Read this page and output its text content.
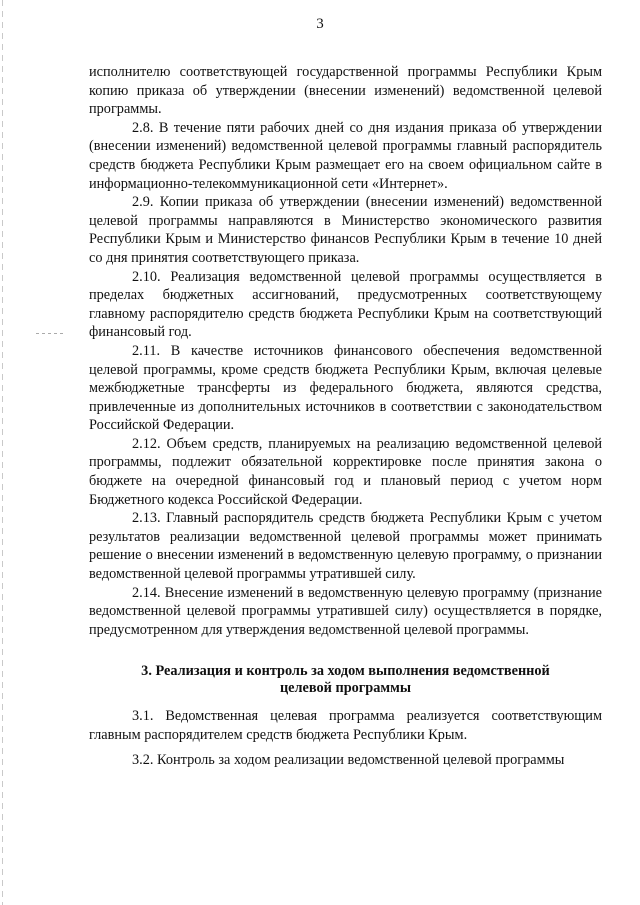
3

исполнителю соответствующей государственной программы Республики Крым копию приказа об утверждении (внесении изменений) ведомственной целевой программы.

2.8. В течение пяти рабочих дней со дня издания приказа об утверждении (внесении изменений) ведомственной целевой программы главный распорядитель средств бюджета Республики Крым размещает его на своем официальном сайте в информационно-телекоммуникационной сети «Интернет».

2.9. Копии приказа об утверждении (внесении изменений) ведомственной целевой программы направляются в Министерство экономического развития Республики Крым и Министерство финансов Республики Крым в течение 10 дней со дня принятия соответствующего приказа.

2.10. Реализация ведомственной целевой программы осуществляется в пределах бюджетных ассигнований, предусмотренных соответствующему главному распорядителю средств бюджета Республики Крым на соответствующий финансовый год.

2.11. В качестве источников финансового обеспечения ведомственной целевой программы, кроме средств бюджета Республики Крым, включая целевые межбюджетные трансферты из федерального бюджета, являются средства, привлеченные из дополнительных источников в соответствии с законодательством Российской Федерации.

2.12. Объем средств, планируемых на реализацию ведомственной целевой программы, подлежит обязательной корректировке после принятия закона о бюджете на очередной финансовый год и плановый период с учетом норм Бюджетного кодекса Российской Федерации.

2.13. Главный распорядитель средств бюджета Республики Крым с учетом результатов реализации ведомственной целевой программы может принимать решение о внесении изменений в ведомственную целевую программу, о признании ведомственной целевой программы утратившей силу.

2.14. Внесение изменений в ведомственную целевую программу (признание ведомственной целевой программы утратившей силу) осуществляется в порядке, предусмотренном для утверждения ведомственной целевой программы.

3. Реализация и контроль за ходом выполнения ведомственной
целевой программы

3.1. Ведомственная целевая программа реализуется соответствующим главным распорядителем средств бюджета Республики Крым.

3.2. Контроль за ходом реализации ведомственной целевой программы
